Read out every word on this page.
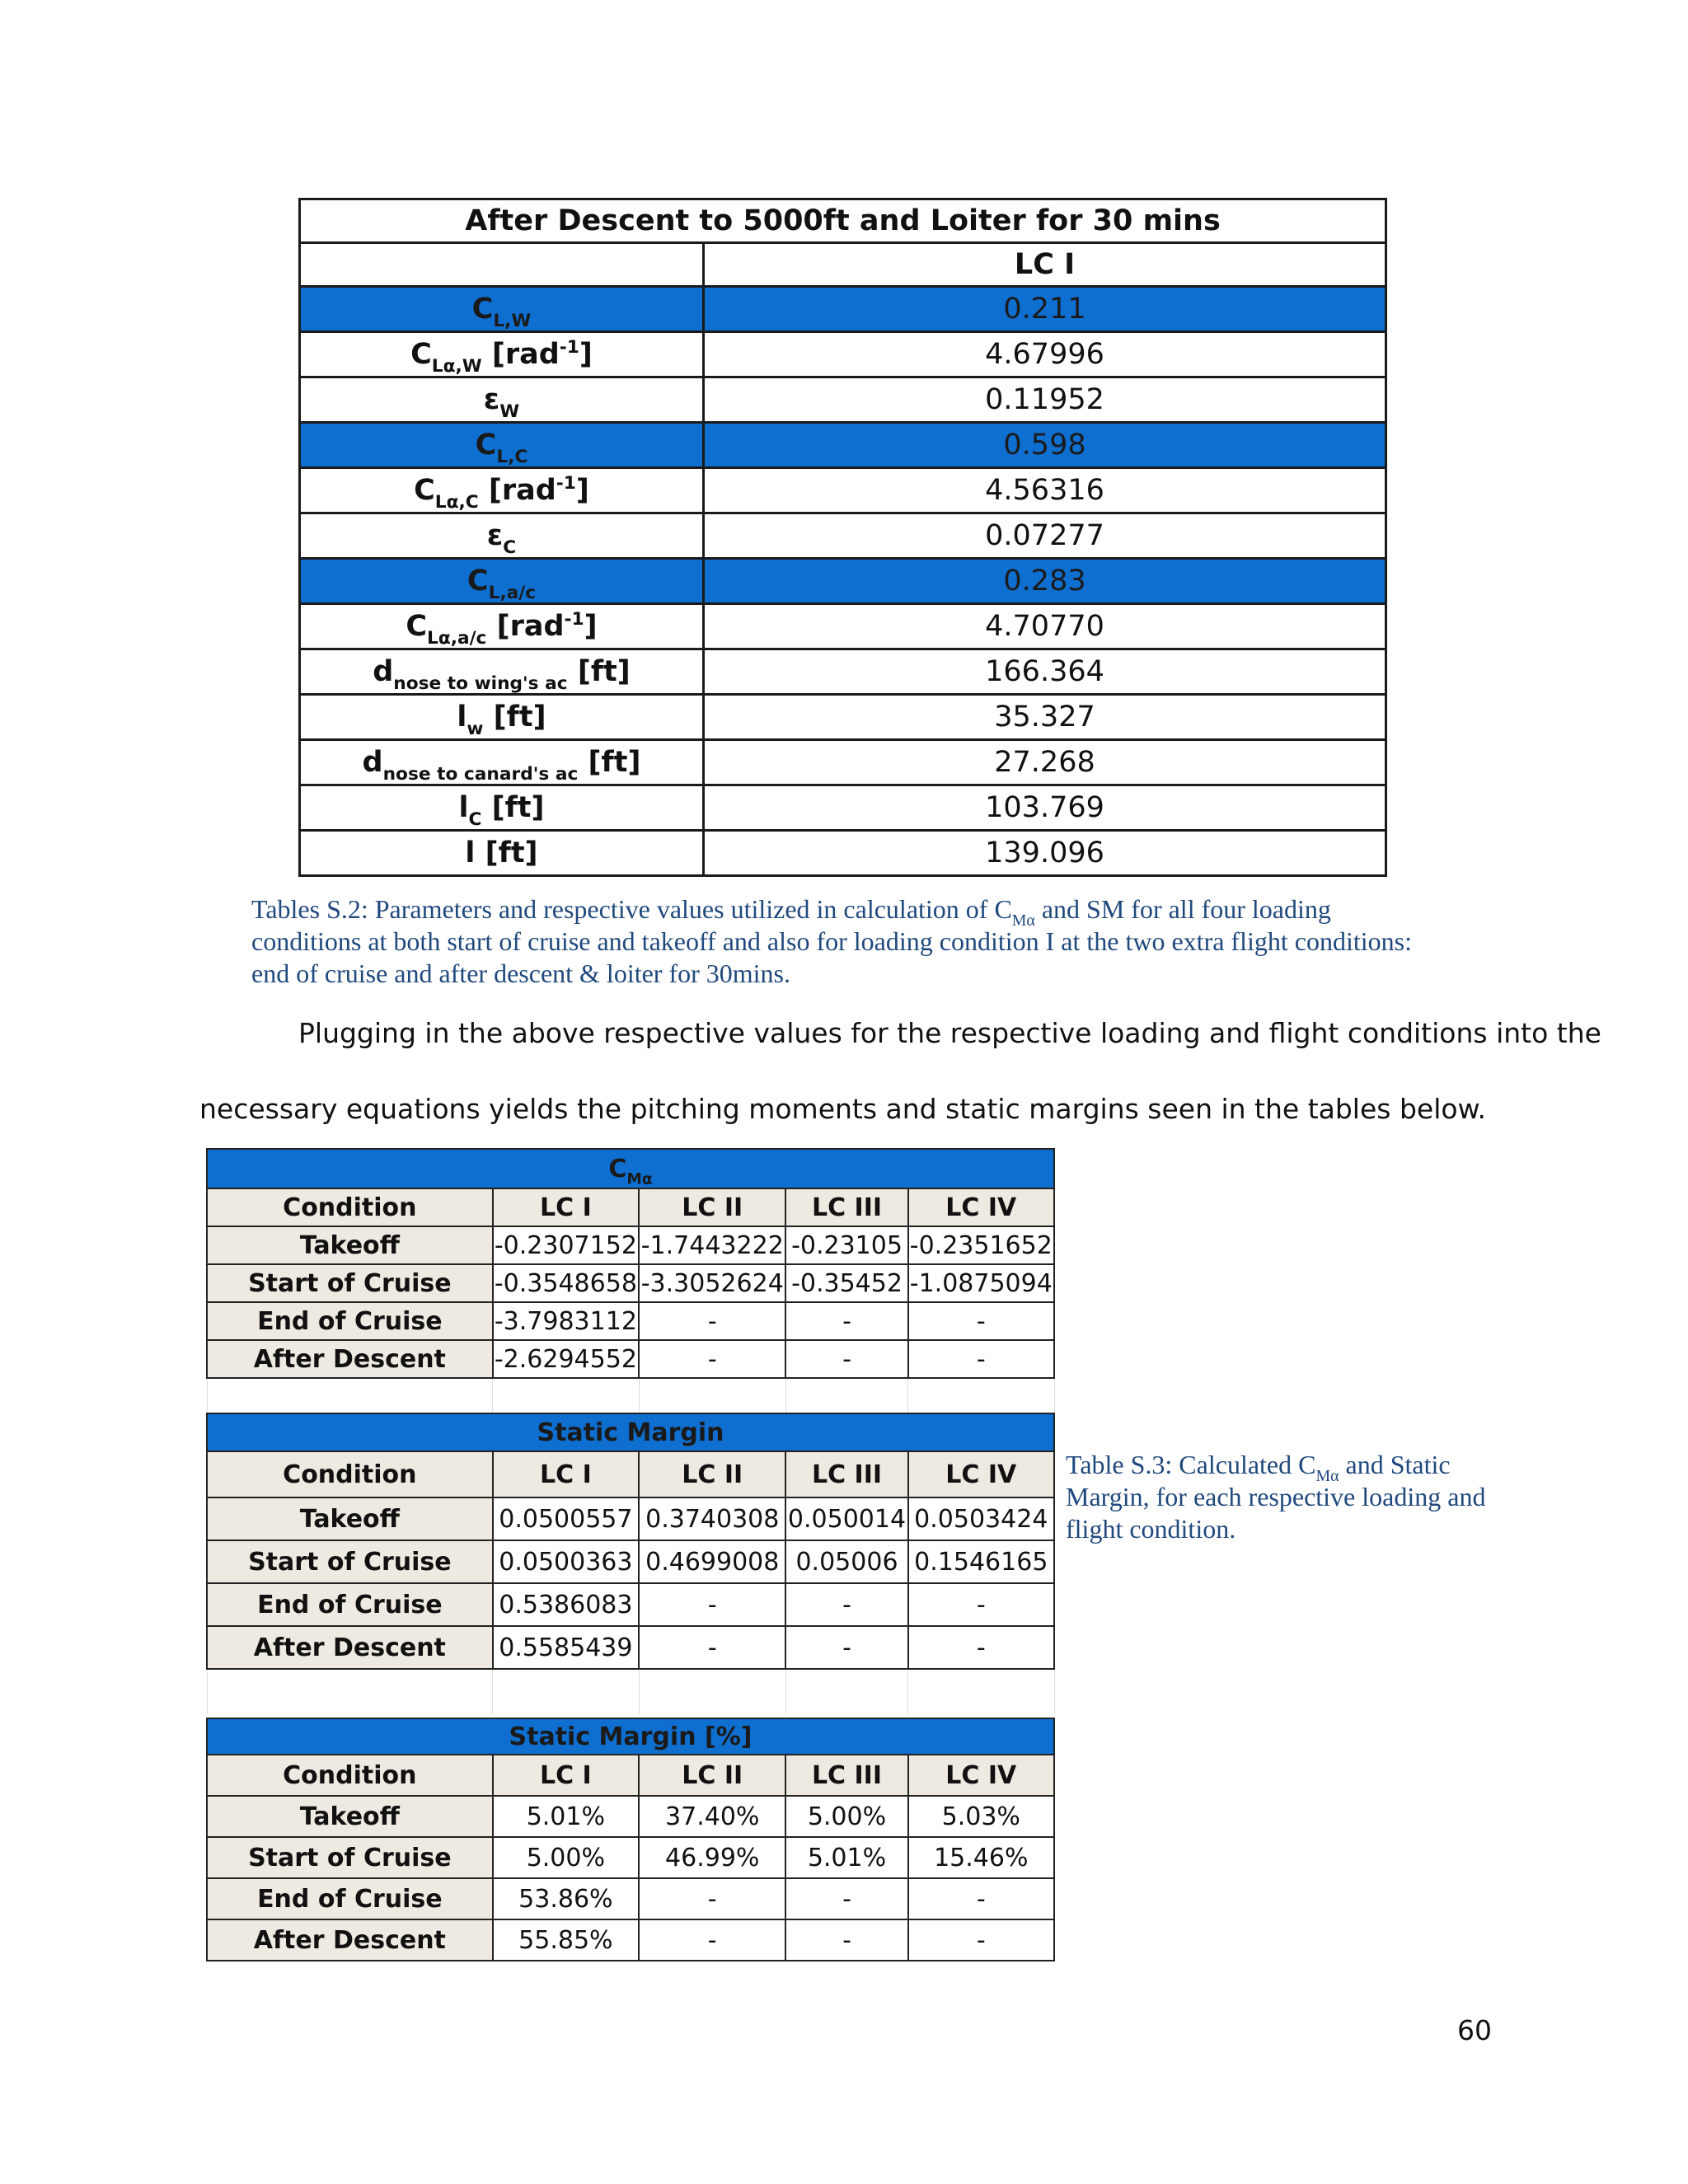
After Descent to 5000ft and Loiter for 30 mins	
	LC I
$C_{L,W}$	0.211
$C_{L\alpha,W}$ [rad$^{-1}$]	4.67996
$\varepsilon_W$	0.11952
$C_{L,C}$	0.598
$C_{L\alpha,C}$ [rad$^{-1}$]	4.56316
$\varepsilon_C$	0.07277
$C_{L,a/c}$	0.283
$C_{L\alpha,a/c}$ [rad$^{-1}$]	4.70770
$d_{nose to wing's ac}$ [ft]	166.364
$l_w$ [ft]	35.327
$d_{nose to canard's ac}$ [ft]	27.268
$l_C$ [ft]	103.769
l [ft]	139.096
Tables S.2: Parameters and respective values utilized in calculation of $C_{M\alpha}$ and SM for all four loading conditions at both start of cruise and takeoff and also for loading condition I at the two extra flight conditions: end of cruise and after descent & loiter for 30mins.
Plugging in the above respective values for the respective loading and flight conditions into the
necessary equations yields the pitching moments and static margins seen in the tables below.
$C_{M\alpha}$
Condition	LC I	LC II	LC III	LC IV
Takeoff	-0.2307152	-1.7443222	-0.23105	-0.2351652
Start of Cruise	-0.3548658	-3.3052624	-0.35452	-1.0875094
End of Cruise	-3.7983112	-	-	-
After Descent	-2.6294552	-	-	-

Static Margin				
Condition	LC I	LC II	LC III	LC IV
Takeoff	0.0500557	0.3740308	0.050014	0.0503424
Start of Cruise	0.0500363	0.4699008	0.05006	0.1546165
End of Cruise	0.5386083	-	-	-
After Descent	0.5585439	-	-	-

Table S.3: Calculated $C_{M\alpha}$ and Static Margin, for each respective loading and flight condition.
Static Margin [%]				
Condition	LC I	LC II	LC III	LC IV
Takeoff	5.01%	37.40%	5.00%	5.03%
Start of Cruise	5.00%	46.99%	5.01%	15.46%
End of Cruise	53.86%	-	-	-
After Descent	55.85%	-	-	-
60
